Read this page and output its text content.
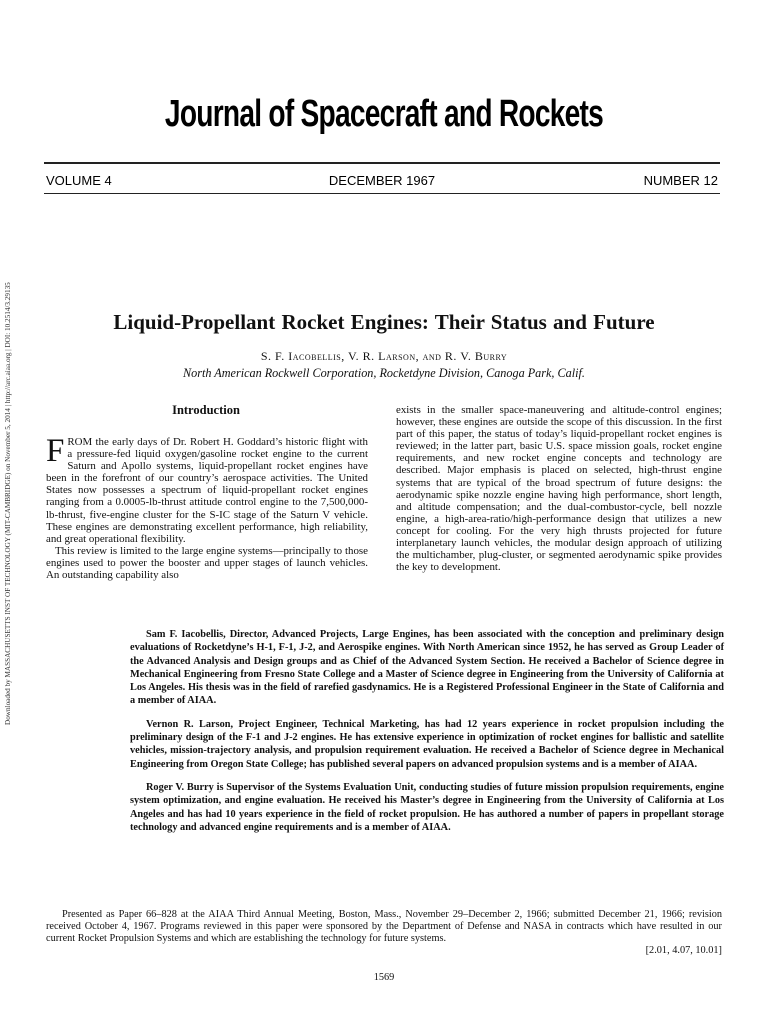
Downloaded by MASSACHUSETTS INST OF TECHNOLOGY (MIT-CAMBRIDGE) on November 5, 2014 | http://arc.aiaa.org | DOI: 10.2514/3.29135
Journal of Spacecraft and Rockets
VOLUME 4	DECEMBER 1967	NUMBER 12
Liquid-Propellant Rocket Engines: Their Status and Future
S. F. Iacobellis, V. R. Larson, and R. V. Burry
North American Rockwell Corporation, Rocketdyne Division, Canoga Park, Calif.
Introduction

FROM the early days of Dr. Robert H. Goddard’s historic flight with a pressure-fed liquid oxygen/gasoline rocket engine to the current Saturn and Apollo systems, liquid-propellant rocket engines have been in the forefront of our country’s aerospace activities. The United States now possesses a spectrum of liquid-propellant rocket engines ranging from a 0.0005-lb-thrust attitude control engine to the 7,500,000-lb-thrust, five-engine cluster for the S-IC stage of the Saturn V vehicle. These engines are demonstrating excellent performance, high reliability, and great operational flexibility.

This review is limited to the large engine systems—principally to those engines used to power the booster and upper stages of launch vehicles. An outstanding capability also

exists in the smaller space-maneuvering and altitude-control engines; however, these engines are outside the scope of this discussion. In the first part of this paper, the status of today’s liquid-propellant rocket engines is reviewed; in the latter part, basic U.S. space mission goals, rocket engine requirements, and new rocket engine concepts and technology are described. Major emphasis is placed on selected, high-thrust engine systems that are typical of the broad spectrum of future designs: the aerodynamic spike nozzle engine having high performance, short length, and altitude compensation; and the dual-combustor-cycle, bell nozzle engine, a high-area-ratio/high-performance design that utilizes a new concept for cooling. For the very high thrusts projected for future interplanetary launch vehicles, the modular design approach of utilizing the multichamber, plug-cluster, or segmented aerodynamic spike provides the key to development.

Sam F. Iacobellis, Director, Advanced Projects, Large Engines, has been associated with the conception and preliminary design evaluations of Rocketdyne’s H-1, F-1, J-2, and Aerospike engines. With North American since 1952, he has served as Group Leader of the Advanced Analysis and Design groups and as Chief of the Advanced System Section. He received a Bachelor of Science degree in Mechanical Engineering from Fresno State College and a Master of Science degree in Engineering from the University of California at Los Angeles. His thesis was in the field of rarefied gasdynamics. He is a Registered Professional Engineer in the State of California and a member of AIAA.

Vernon R. Larson, Project Engineer, Technical Marketing, has had 12 years experience in rocket propulsion including the preliminary design of the F-1 and J-2 engines. He has extensive experience in optimization of rocket engines for ballistic and satellite vehicles, mission-trajectory analysis, and propulsion requirement evaluation. He received a Bachelor of Science degree in Mechanical Engineering from Oregon State College; has published several papers on advanced propulsion systems and is a member of AIAA.

Roger V. Burry is Supervisor of the Systems Evaluation Unit, conducting studies of future mission propulsion requirements, engine system optimization, and engine evaluation. He received his Master’s degree in Engineering from the University of California at Los Angeles and has had 10 years experience in the field of rocket propulsion. He has authored a number of papers in propellant storage technology and advanced engine requirements and is a member of AIAA.

Presented as Paper 66–828 at the AIAA Third Annual Meeting, Boston, Mass., November 29–December 2, 1966; submitted December 21, 1966; revision received October 4, 1967. Programs reviewed in this paper were sponsored by the Department of Defense and NASA in contracts which have resulted in our current Rocket Propulsion Systems and which are establishing the technology for future systems.

[2.01, 4.07, 10.01]
1569
